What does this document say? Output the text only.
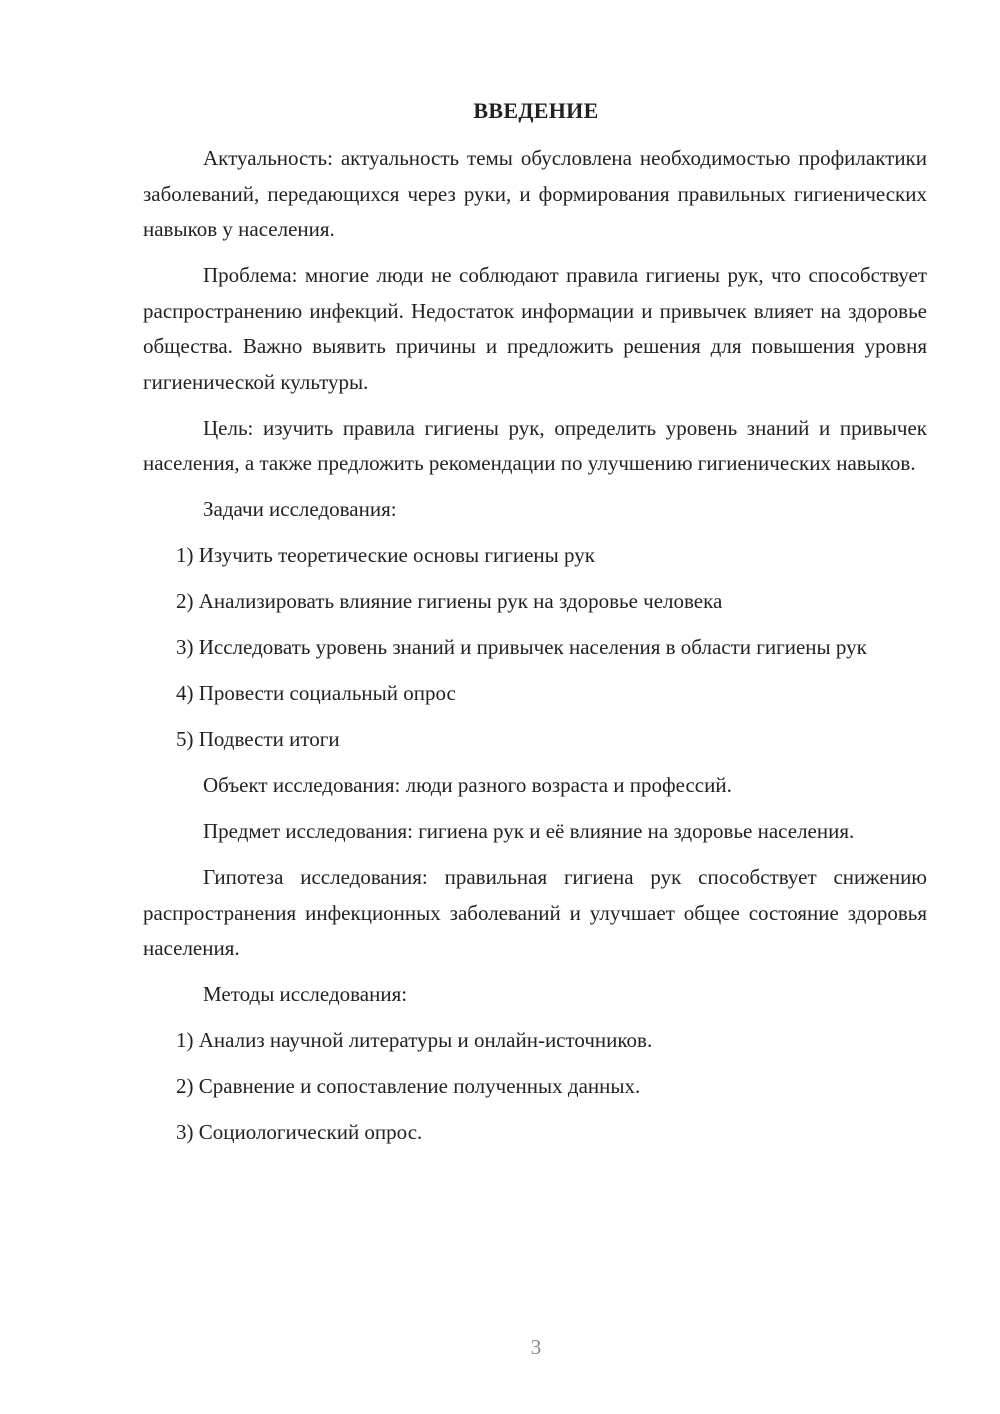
ВВЕДЕНИЕ

Актуальность: актуальность темы обусловлена необходимостью профилактики заболеваний, передающихся через руки, и формирования правильных гигиенических навыков у населения.

Проблема: многие люди не соблюдают правила гигиены рук, что способствует распространению инфекций. Недостаток информации и привычек влияет на здоровье общества. Важно выявить причины и предложить решения для повышения уровня гигиенической культуры.

Цель: изучить правила гигиены рук, определить уровень знаний и привычек населения, а также предложить рекомендации по улучшению гигиенических навыков.

Задачи исследования:

1) Изучить теоретические основы гигиены рук

2) Анализировать влияние гигиены рук на здоровье человека

3) Исследовать уровень знаний и привычек населения в области гигиены рук

4) Провести социальный опрос

5) Подвести итоги

Объект исследования: люди разного возраста и профессий.

Предмет исследования: гигиена рук и её влияние на здоровье населения.

Гипотеза исследования: правильная гигиена рук способствует снижению распространения инфекционных заболеваний и улучшает общее состояние здоровья населения.

Методы исследования:

1) Анализ научной литературы и онлайн-источников.

2) Сравнение и сопоставление полученных данных.

3) Социологический опрос.

3
